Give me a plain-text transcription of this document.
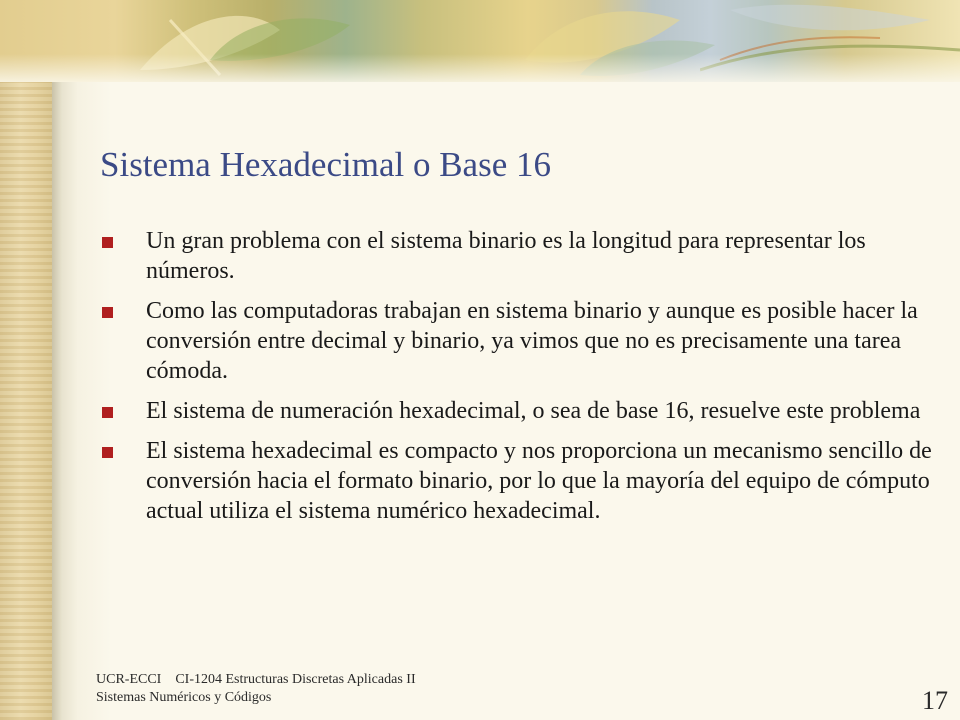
Sistema Hexadecimal o Base 16
Un gran problema con el sistema binario es la longitud para representar los números.
Como las computadoras trabajan en sistema binario y aunque es posible hacer la conversión entre decimal y binario, ya vimos que no es precisamente una tarea cómoda.
El sistema de numeración hexadecimal, o sea de base 16, resuelve este problema
El sistema hexadecimal es compacto y nos proporciona un mecanismo sencillo de conversión hacia el formato binario, por lo que la mayoría del equipo de cómputo actual utiliza el sistema numérico hexadecimal.
UCR-ECCI    CI-1204 Estructuras Discretas Aplicadas II
Sistemas Numéricos y Códigos	17
